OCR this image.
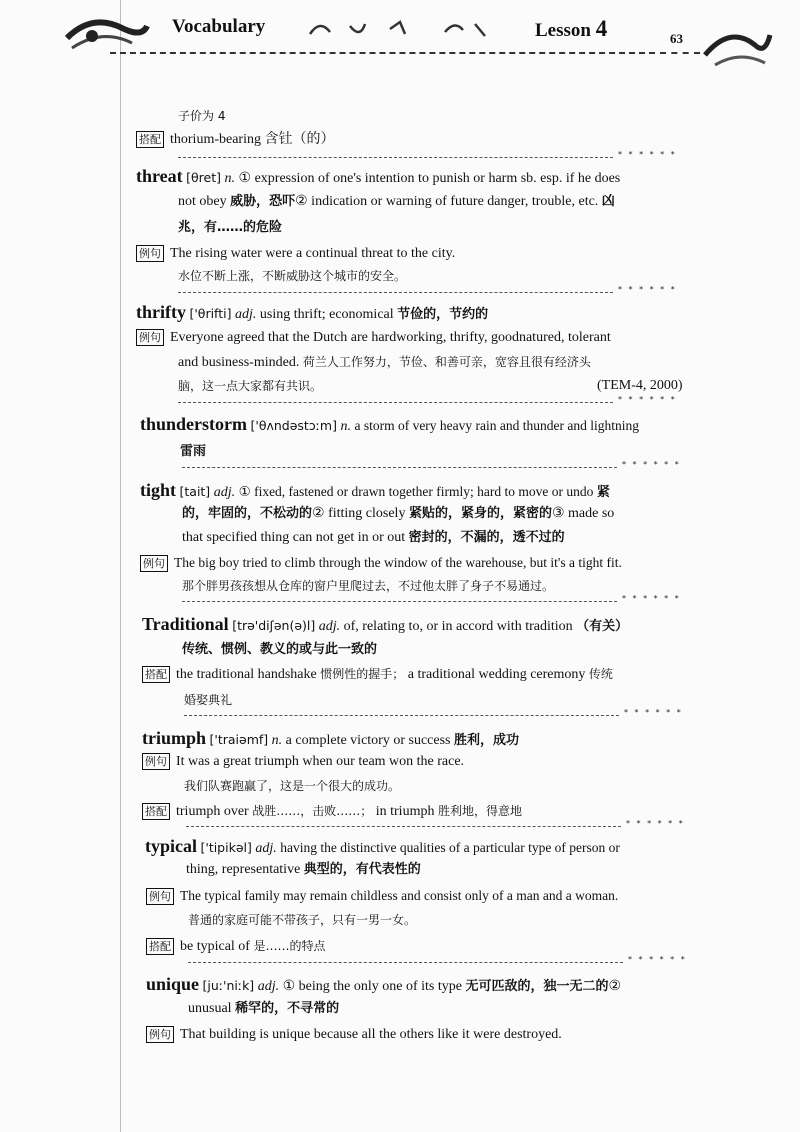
Vocabulary	Lesson 4	63
子价为 4
搭配 thorium-bearing 含钍（的）
* * * * * *
threat [θret] n. ① expression of one's intention to punish or harm sb. esp. if he does
not obey 威胁，恐吓② indication or warning of future danger, trouble, etc. 凶
兆，有……的危险
例句 The rising water were a continual threat to the city.
水位不断上涨，不断威胁这个城市的安全。
* * * * * *
thrifty ['θrifti] adj. using thrift; economical 节俭的，节约的
例句 Everyone agreed that the Dutch are hardworking, thrifty, goodnatured, tolerant
and business-minded. 荷兰人工作努力，节俭、和善可亲，宽容且很有经济头
脑，这一点大家都有共识。	(TEM-4, 2000)
* * * * * *
thunderstorm ['θʌndəstɔːm] n. a storm of very heavy rain and thunder and lightning
雷雨
* * * * * *
tight [tait] adj. ① fixed, fastened or drawn together firmly; hard to move or undo 紧
的，牢固的，不松动的② fitting closely 紧贴的，紧身的，紧密的③ made so
that specified thing can not get in or out 密封的，不漏的，透不过的
例句 The big boy tried to climb through the window of the warehouse, but it's a tight fit.
那个胖男孩孩想从仓库的窗户里爬过去，不过他太胖了身子不易通过。
* * * * * *
Traditional [trə'diʃən(ə)l] adj. of, relating to, or in accord with tradition （有关）
传统、惯例、教义的或与此一致的
搭配 the traditional handshake 惯例性的握手； a traditional wedding ceremony 传统
婚娶典礼
* * * * * *
triumph ['traiəmf] n. a complete victory or success 胜利，成功
例句 It was a great triumph when our team won the race.
我们队赛跑赢了，这是一个很大的成功。
搭配 triumph over 战胜……，击败……； in triumph 胜利地，得意地
* * * * * *
typical ['tipikəl] adj. having the distinctive qualities of a particular type of person or
thing, representative 典型的，有代表性的
例句 The typical family may remain childless and consist only of a man and a woman.
普通的家庭可能不带孩子，只有一男一女。
搭配 be typical of 是……的特点
* * * * * *
unique [juː'niːk] adj. ① being the only one of its type 无可匹敌的，独一无二的②
unusual 稀罕的，不寻常的
例句 That building is unique because all the others like it were destroyed.
